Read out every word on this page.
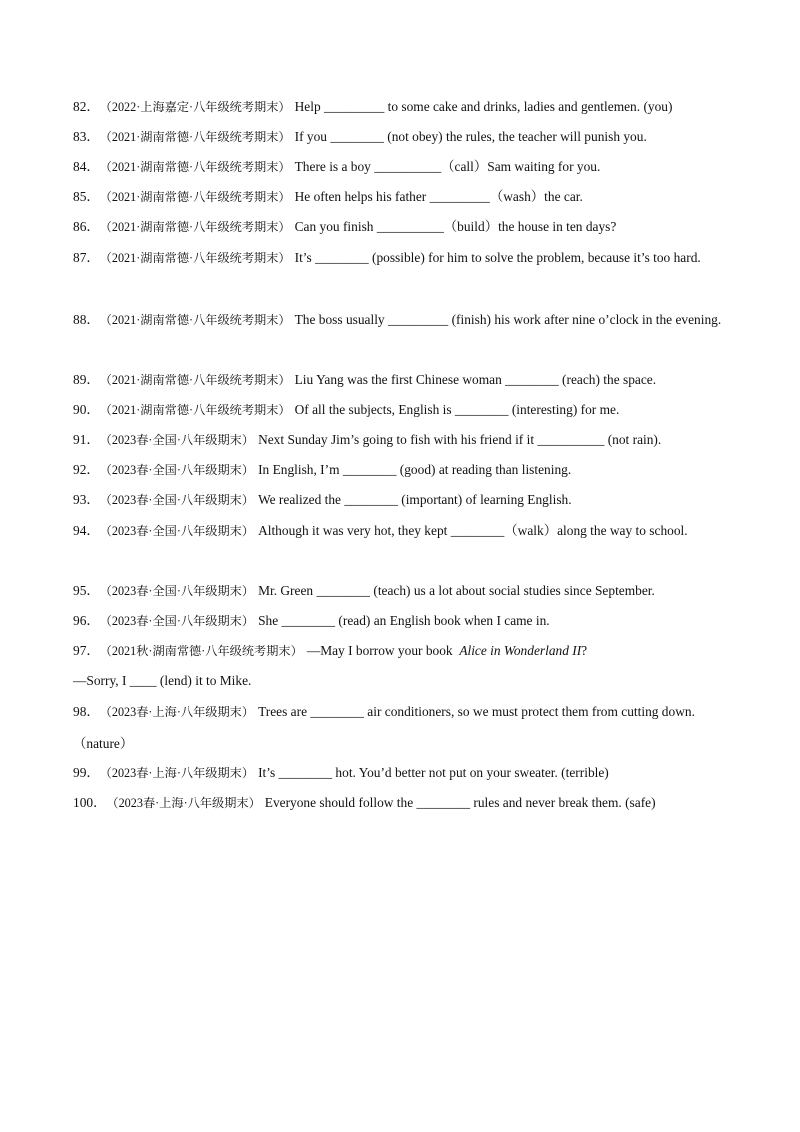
82． （2022·上海嘉定·八年级统考期末） Help _________ to some cake and drinks, ladies and gentlemen. (you)
83． （2021·湖南常德·八年级统考期末） If you ________ (not obey) the rules, the teacher will punish you.
84． （2021·湖南常德·八年级统考期末） There is a boy __________（call）Sam waiting for you.
85． （2021·湖南常德·八年级统考期末） He often helps his father _________（wash）the car.
86． （2021·湖南常德·八年级统考期末） Can you finish __________（build）the house in ten days?
87． （2021·湖南常德·八年级统考期末） It’s ________ (possible) for him to solve the problem, because it’s too hard.
88． （2021·湖南常德·八年级统考期末） The boss usually _________ (finish) his work after nine o’clock in the evening.
89． （2021·湖南常德·八年级统考期末） Liu Yang was the first Chinese woman ________ (reach) the space.
90． （2021·湖南常德·八年级统考期末） Of all the subjects, English is ________ (interesting) for me.
91． （2023春·全国·八年级期末） Next Sunday Jim’s going to fish with his friend if it __________ (not rain).
92． （2023春·全国·八年级期末） In English, I’m ________ (good) at reading than listening.
93． （2023春·全国·八年级期末） We realized the ________ (important) of learning English.
94． （2023春·全国·八年级期末） Although it was very hot, they kept ________（walk）along the way to school.
95． （2023春·全国·八年级期末） Mr. Green ________ (teach) us a lot about social studies since September.
96． （2023春·全国·八年级期末） She ________ (read) an English book when I came in.
97． （2021秋·湖南常德·八年级统考期末） —May I borrow your book Alice in Wonderland II?
—Sorry, I ____ (lend) it to Mike.
98． （2023春·上海·八年级期末） Trees are ________ air conditioners, so we must protect them from cutting down.（nature）
99． （2023春·上海·八年级期末） It’s ________ hot. You’d better not put on your sweater. (terrible)
100． （2023春·上海·八年级期末） Everyone should follow the ________ rules and never break them. (safe)
